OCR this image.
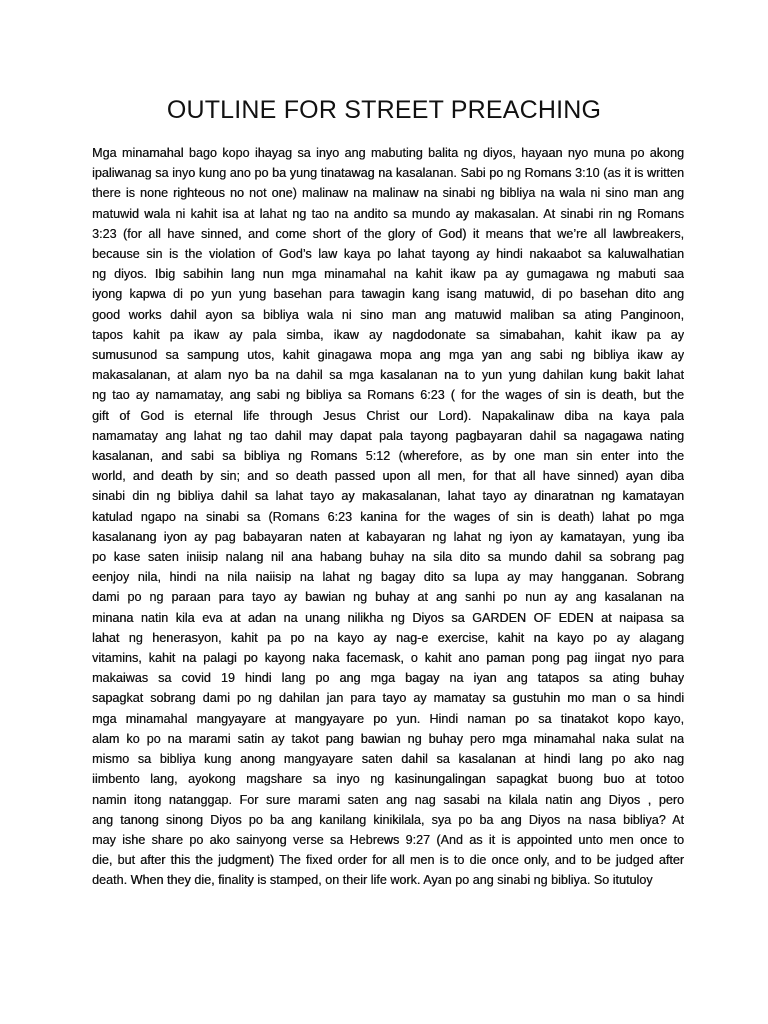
OUTLINE FOR STREET PREACHING
Mga minamahal bago kopo ihayag sa inyo ang mabuting balita ng diyos, hayaan nyo muna po akong
ipaliwanag sa inyo kung ano po ba yung tinatawag na kasalanan. Sabi po ng Romans 3:10 (as it is written
there is none righteous no not one) malinaw na malinaw na sinabi ng bibliya na wala ni sino man ang
matuwid wala ni kahit isa at lahat ng tao na andito sa mundo ay makasalan. At sinabi rin ng Romans
3:23 (for all have sinned, and come short of the glory of God) it means that we’re all lawbreakers,
because sin is the violation of God’s law kaya po lahat tayong ay hindi nakaabot sa kaluwalhatian
ng diyos. Ibig sabihin lang nun mga minamahal na kahit ikaw pa ay gumagawa ng mabuti saa
iyong kapwa di po yun yung basehan para tawagin kang isang matuwid, di po basehan dito ang
good works dahil ayon sa bibliya wala ni sino man ang matuwid maliban sa ating Panginoon,
tapos kahit pa ikaw ay pala simba, ikaw ay nagdodonate sa simabahan, kahit ikaw pa ay
sumusunod sa sampung utos, kahit ginagawa mopa ang mga yan ang sabi ng bibliya ikaw ay
makasalanan, at alam nyo ba na dahil sa mga kasalanan na to yun yung dahilan kung bakit lahat
ng tao ay namamatay, ang sabi ng bibliya sa Romans 6:23 ( for the wages of sin is death, but the
gift of God is eternal life through Jesus Christ our Lord). Napakalinaw diba na kaya pala
namamatay ang lahat ng tao dahil may dapat pala tayong pagbayaran dahil sa nagagawa nating
kasalanan, and sabi sa bibliya ng Romans 5:12 (wherefore, as by one man sin enter into the
world, and death by sin; and so death passed upon all men, for that all have sinned) ayan diba
sinabi din ng bibliya dahil sa lahat tayo ay makasalanan, lahat tayo ay dinaratnan ng kamatayan
katulad ngapo na sinabi sa (Romans 6:23 kanina for the wages of sin is death) lahat po mga
kasalanang iyon ay pag babayaran naten at kabayaran ng lahat ng iyon ay kamatayan, yung iba
po kase saten iniisip nalang nil ana habang buhay na sila dito sa mundo dahil sa sobrang pag
eenjoy nila, hindi na nila naiisip na lahat ng bagay dito sa lupa ay may hangganan. Sobrang
dami po ng paraan para tayo ay bawian ng buhay at ang sanhi po nun ay ang kasalanan na
minana natin kila eva at adan na unang nilikha ng Diyos sa GARDEN OF EDEN at naipasa sa
lahat ng henerasyon, kahit pa po na kayo ay nag-e exercise, kahit na kayo po ay alagang
vitamins, kahit na palagi po kayong naka facemask, o kahit ano paman pong pag iingat nyo para
makaiwas sa covid 19 hindi lang po ang mga bagay na iyan ang tatapos sa ating buhay
sapagkat sobrang dami po ng dahilan jan para tayo ay mamatay sa gustuhin mo man o sa hindi
mga minamahal mangyayare at mangyayare po yun. Hindi naman po sa tinatakot kopo kayo,
alam ko po na marami satin ay takot pang bawian ng buhay pero mga minamahal naka sulat na
mismo sa bibliya kung anong mangyayare saten dahil sa kasalanan at hindi lang po ako nag
iimbento lang, ayokong magshare sa inyo ng kasinungalingan sapagkat buong buo at totoo
namin itong natanggap. For sure marami saten ang nag sasabi na kilala natin ang Diyos , pero
ang tanong sinong Diyos po ba ang kanilang kinikilala, sya po ba ang Diyos na nasa bibliya? At
may ishe share po ako sainyong verse sa Hebrews 9:27 (And as it is appointed unto men once to
die, but after this the judgment) The fixed order for all men is to die once only, and to be judged after
death. When they die, finality is stamped, on their life work. Ayan po ang sinabi ng bibliya. So itutuloy
